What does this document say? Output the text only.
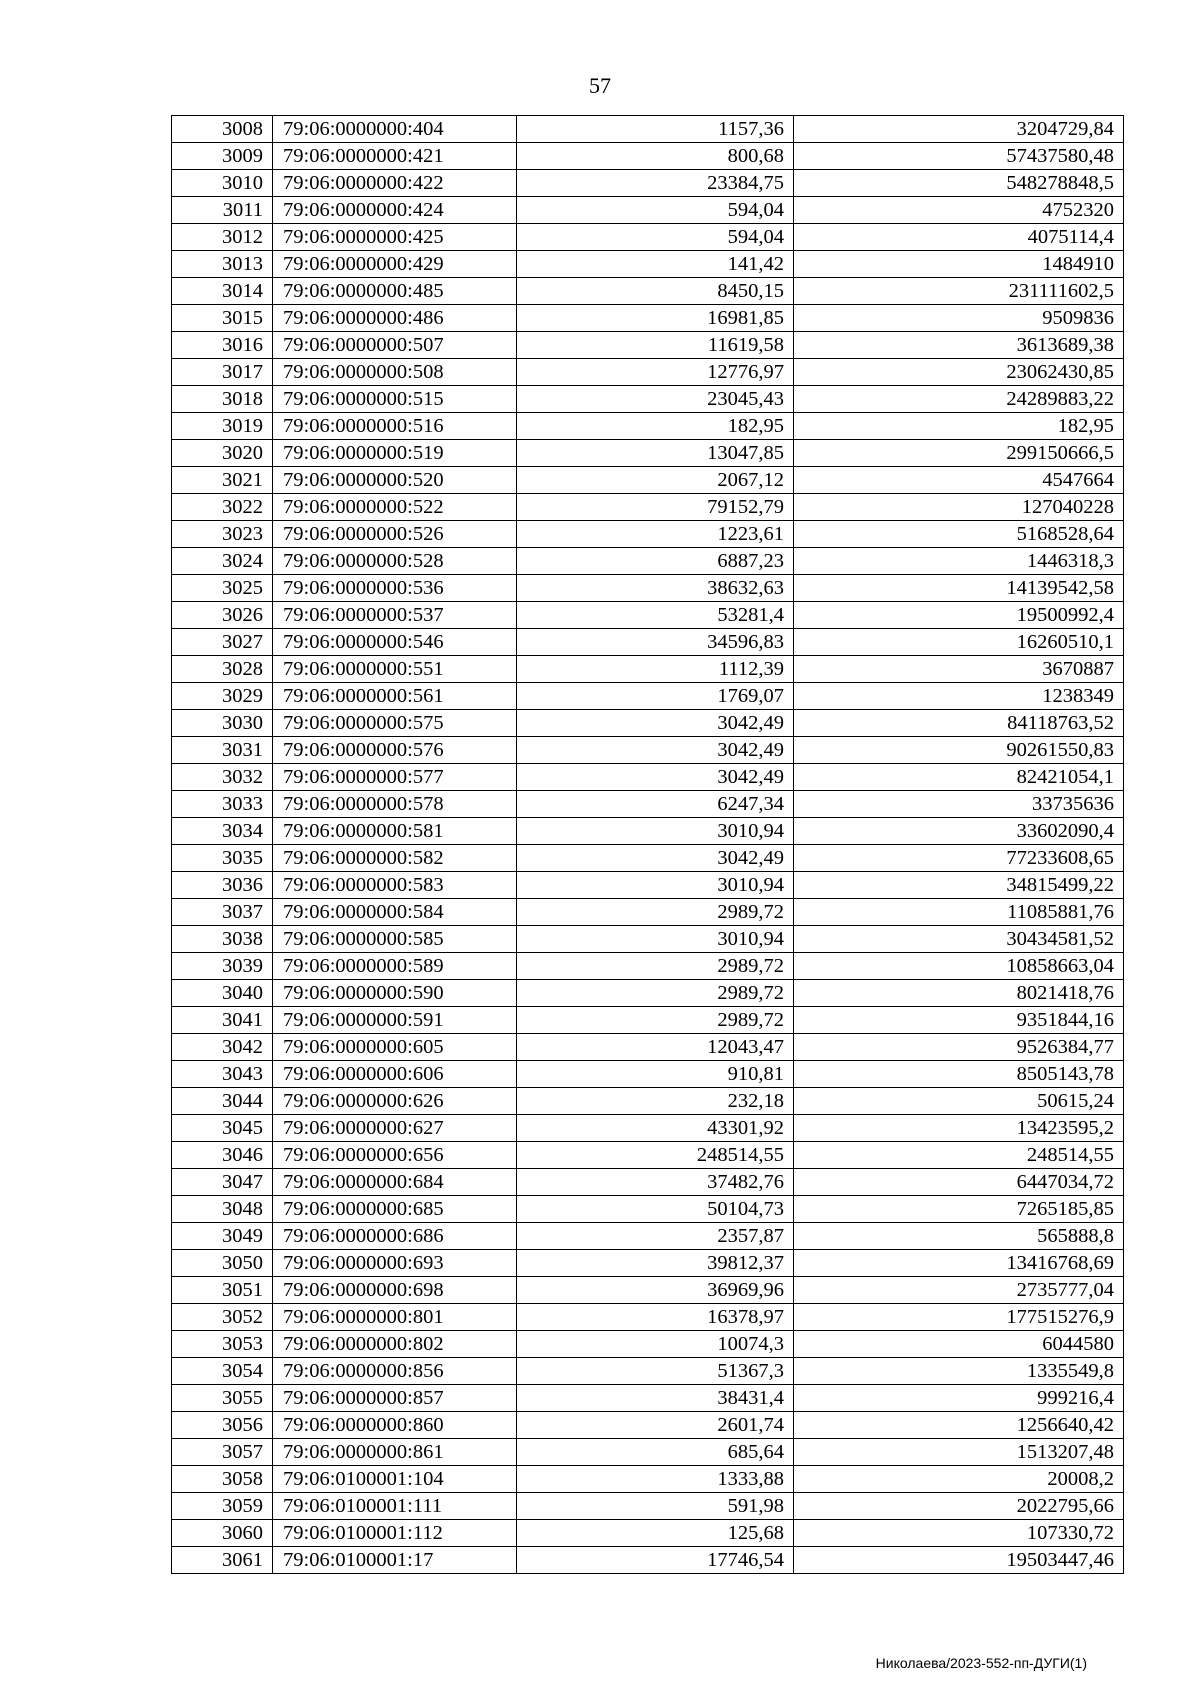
57
3008	79:06:0000000:404	1157,36	3204729,84
3009	79:06:0000000:421	800,68	57437580,48
3010	79:06:0000000:422	23384,75	548278848,5
3011	79:06:0000000:424	594,04	4752320
3012	79:06:0000000:425	594,04	4075114,4
3013	79:06:0000000:429	141,42	1484910
3014	79:06:0000000:485	8450,15	231111602,5
3015	79:06:0000000:486	16981,85	9509836
3016	79:06:0000000:507	11619,58	3613689,38
3017	79:06:0000000:508	12776,97	23062430,85
3018	79:06:0000000:515	23045,43	24289883,22
3019	79:06:0000000:516	182,95	182,95
3020	79:06:0000000:519	13047,85	299150666,5
3021	79:06:0000000:520	2067,12	4547664
3022	79:06:0000000:522	79152,79	127040228
3023	79:06:0000000:526	1223,61	5168528,64
3024	79:06:0000000:528	6887,23	1446318,3
3025	79:06:0000000:536	38632,63	14139542,58
3026	79:06:0000000:537	53281,4	19500992,4
3027	79:06:0000000:546	34596,83	16260510,1
3028	79:06:0000000:551	1112,39	3670887
3029	79:06:0000000:561	1769,07	1238349
3030	79:06:0000000:575	3042,49	84118763,52
3031	79:06:0000000:576	3042,49	90261550,83
3032	79:06:0000000:577	3042,49	82421054,1
3033	79:06:0000000:578	6247,34	33735636
3034	79:06:0000000:581	3010,94	33602090,4
3035	79:06:0000000:582	3042,49	77233608,65
3036	79:06:0000000:583	3010,94	34815499,22
3037	79:06:0000000:584	2989,72	11085881,76
3038	79:06:0000000:585	3010,94	30434581,52
3039	79:06:0000000:589	2989,72	10858663,04
3040	79:06:0000000:590	2989,72	8021418,76
3041	79:06:0000000:591	2989,72	9351844,16
3042	79:06:0000000:605	12043,47	9526384,77
3043	79:06:0000000:606	910,81	8505143,78
3044	79:06:0000000:626	232,18	50615,24
3045	79:06:0000000:627	43301,92	13423595,2
3046	79:06:0000000:656	248514,55	248514,55
3047	79:06:0000000:684	37482,76	6447034,72
3048	79:06:0000000:685	50104,73	7265185,85
3049	79:06:0000000:686	2357,87	565888,8
3050	79:06:0000000:693	39812,37	13416768,69
3051	79:06:0000000:698	36969,96	2735777,04
3052	79:06:0000000:801	16378,97	177515276,9
3053	79:06:0000000:802	10074,3	6044580
3054	79:06:0000000:856	51367,3	1335549,8
3055	79:06:0000000:857	38431,4	999216,4
3056	79:06:0000000:860	2601,74	1256640,42
3057	79:06:0000000:861	685,64	1513207,48
3058	79:06:0100001:104	1333,88	20008,2
3059	79:06:0100001:111	591,98	2022795,66
3060	79:06:0100001:112	125,68	107330,72
3061	79:06:0100001:17	17746,54	19503447,46
Николаева/2023-552-пп-ДУГИ(1)
